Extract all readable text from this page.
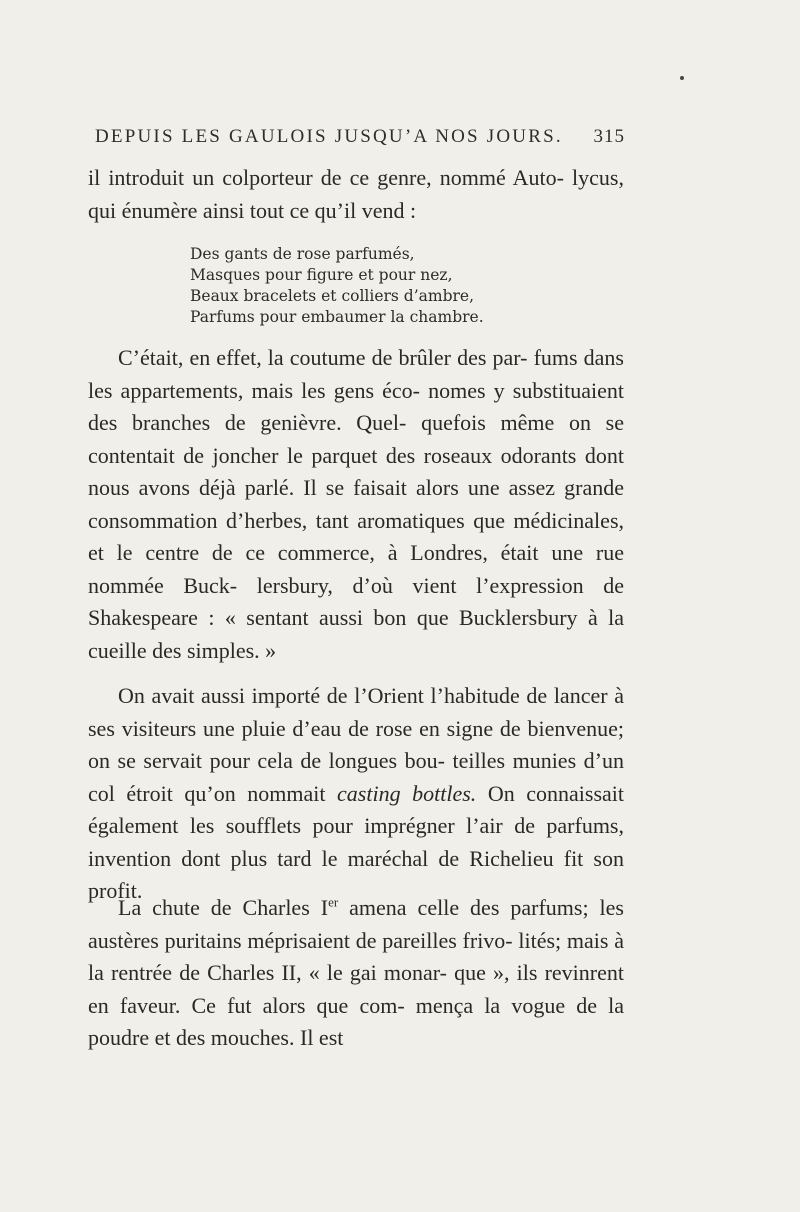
DEPUIS LES GAULOIS JUSQU’A NOS JOURS. 315

il introduit un colporteur de ce genre, nommé Auto- lycus, qui énumère ainsi tout ce qu’il vend :

Des gants de rose parfumés,
Masques pour figure et pour nez,
Beaux bracelets et colliers d’ambre,
Parfums pour embaumer la chambre.

C’était, en effet, la coutume de brûler des par- fums dans les appartements, mais les gens éco- nomes y substituaient des branches de genièvre. Quel- quefois même on se contentait de joncher le parquet des roseaux odorants dont nous avons déjà parlé. Il se faisait alors une assez grande consommation d’herbes, tant aromatiques que médicinales, et le centre de ce commerce, à Londres, était une rue nommée Buck- lersbury, d’où vient l’expression de Shakespeare : « sentant aussi bon que Bucklersbury à la cueille des simples. »

On avait aussi importé de l’Orient l’habitude de lancer à ses visiteurs une pluie d’eau de rose en signe de bienvenue; on se servait pour cela de longues bou- teilles munies d’un col étroit qu’on nommait casting bottles. On connaissait également les soufflets pour imprégner l’air de parfums, invention dont plus tard le maréchal de Richelieu fit son profit.

La chute de Charles Ier amena celle des parfums; les austères puritains méprisaient de pareilles frivo- lités; mais à la rentrée de Charles II, « le gai monar- que », ils revinrent en faveur. Ce fut alors que com- mença la vogue de la poudre et des mouches. Il est
